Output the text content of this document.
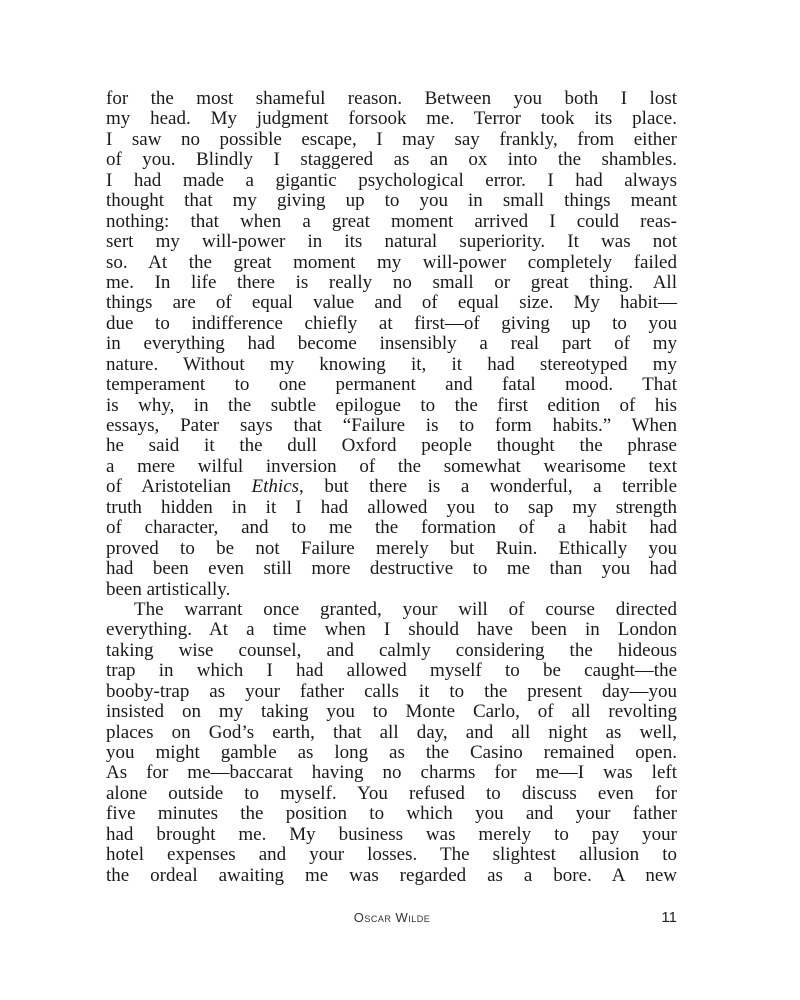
for the most shameful reason. Between you both I lost
my head. My judgment forsook me. Terror took its place.
I saw no possible escape, I may say frankly, from either
of you. Blindly I staggered as an ox into the shambles.
I had made a gigantic psychological error. I had always
thought that my giving up to you in small things meant
nothing: that when a great moment arrived I could reas-
sert my will-power in its natural superiority. It was not
so. At the great moment my will-power completely failed
me. In life there is really no small or great thing. All
things are of equal value and of equal size. My habit—
due to indifference chiefly at first—of giving up to you
in everything had become insensibly a real part of my
nature. Without my knowing it, it had stereotyped my
temperament to one permanent and fatal mood. That
is why, in the subtle epilogue to the first edition of his
essays, Pater says that “Failure is to form habits.” When
he said it the dull Oxford people thought the phrase
a mere wilful inversion of the somewhat wearisome text
of Aristotelian Ethics, but there is a wonderful, a terrible
truth hidden in it I had allowed you to sap my strength
of character, and to me the formation of a habit had
proved to be not Failure merely but Ruin. Ethically you
had been even still more destructive to me than you had
been artistically.
The warrant once granted, your will of course directed
everything. At a time when I should have been in London
taking wise counsel, and calmly considering the hideous
trap in which I had allowed myself to be caught—the
booby-trap as your father calls it to the present day—you
insisted on my taking you to Monte Carlo, of all revolting
places on God’s earth, that all day, and all night as well,
you might gamble as long as the Casino remained open.
As for me—baccarat having no charms for me—I was left
alone outside to myself. You refused to discuss even for
five minutes the position to which you and your father
had brought me. My business was merely to pay your
hotel expenses and your losses. The slightest allusion to
the ordeal awaiting me was regarded as a bore. A new
Oscar Wilde	11
